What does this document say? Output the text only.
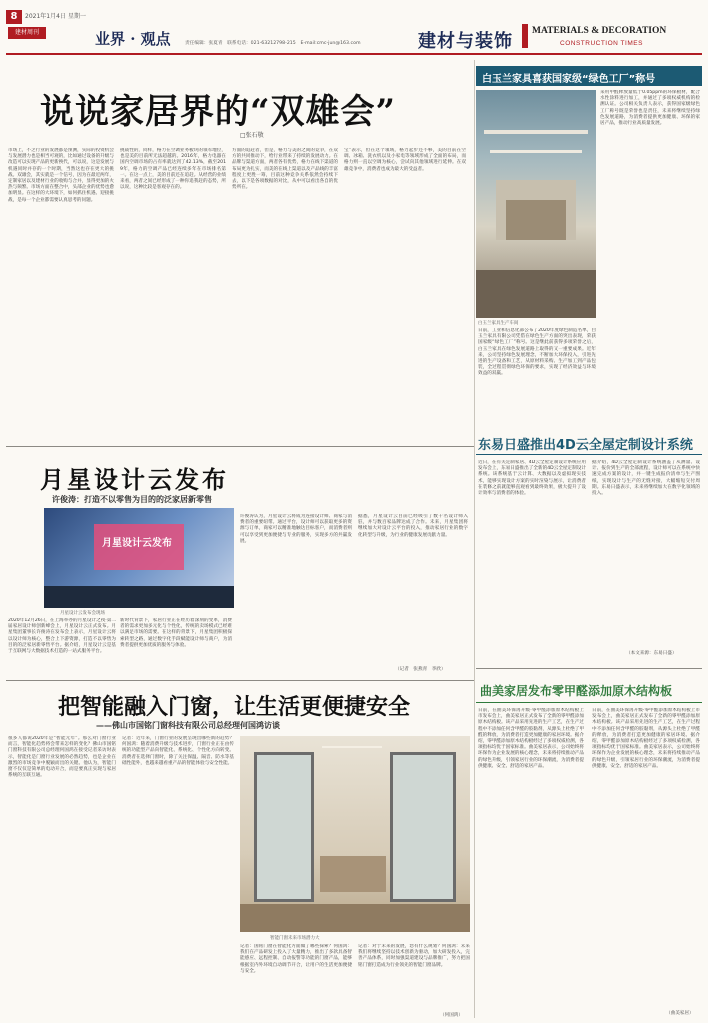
8	2021年1月4日 星期一
建材周刊	业界 · 观点	责任编辑：张夏青　联系电话：021-63212798-215　E-mail:cmc-jun@163.com	建材与装饰 MATERIALS & DECORATION
CONSTRUCTION TIMES
说说家居界的“双雄会”
□张石敬
市场上，不乏行业的发展都是预测，实际的投资机会与发展潜力也是相当可观的，比如通过设备的升级与改造可以实现产品的更新换代，可以说，这是发展与机遇同时并存的一个时期，当然这也存在更大的挑战。双雄会，其实就是一个信号，因为在最近两年，定制家居以及建材行业的收购与合并，显得更加的火热与频繁。市场方面在整合中，头部企业的优势也愈加明显。在这样的大环境下，如何抓住机遇、迎接挑战，是每一个企业都需要认真思考的问题。
挑战性的，同样，格力在空调业务板块的领军地位，也是美的目前所无法超越的。2016年，格力电器在国内空调市场的占有率就达到了42.13%，截至2019年，格力的空调产品已经连续多年在市场排名第一。在这一点上，美的目前还在追赶。从经营的业绩来看，两者之间已经形成了一种你追我赶的态势，所以说，这种比较是客观存在的。
方面的追赶者，但是，格力与美的之间的竞争，在双方的共同推动下，给行业带来了持续的发展动力。在品牌与渠道方面，两者各有优势，格力在线下渠道的布局更为扎实，而美的在线上渠道以及产品线的丰富程度上更胜一筹，目前这种竞争关系依然会持续下去，以下是各项数据的对比，从中可以看出各自的优势所在。
宝”表示，但在这个领域，格力起步还不够，美的目前在空调、冰箱、洗衣机以及小家电等领域形成了全面的布局，而格力则一直以空调为核心，尝试向其他领域进行延伸。在双雄竞争中，消费者也成为最大的受益者。
白玉兰家具喜获国家级“绿色工厂”称号
白玉兰家具生产车间
日前，工业和信息化部公布了2020年度绿色制造名单，白玉兰家具有限公司凭借在绿色生产方面的突出表现，荣获国家级“绿色工厂”称号。这是继此前获得多项荣誉之后，白玉兰家具在绿色发展道路上取得的又一重要成果。近年来，公司坚持绿色发展理念，不断加大环保投入，引进先进的生产设备和工艺，从原材料采购、生产加工到产品包装，全过程贯彻绿色环保的要求，实现了经济效益与环境效益的双赢。
采用甲醛释放量低于0.05ppm的环保板材，配合水性涂料进行加工，并通过了多项权威机构的检测认证。公司相关负责人表示，获得国家级绿色工厂称号既是荣誉也是责任，未来将继续坚持绿色发展道路，为消费者提供更加健康、环保的家居产品，推动行业高质量发展。
东易日盛推出4D云全屋定制设计系统
近日，在有关定制家居、4D云全屋定制设计系统应用发布会上，东易日盛推出了全新的4D云全屋定制设计系统。该系统基于云计算、大数据以及虚拟现实技术，能够实现设计方案的实时渲染与展示，让消费者在装修之前就能够直观看到最终效果，极大提升了设计效率与消费者的体验。
据介绍，4D云全屋定制设计系统涵盖了从测量、设计、报价到生产的全部流程，设计师可以在系统中快速完成方案的设计，并一键生成报价清单与生产图纸，实现设计与生产的无缝对接，大幅缩短交付周期。东易日盛表示，未来将继续加大在数字化领域的投入。
（本文来源：东易日盛）
月星设计云发布
许俊涛：打造不以零售为目的的泛家居新零售
月星设计云发布
月星设计云发布会现场
2020年12月26日，在上海举办的月星设计之夜·第二届家居设计师创新峰会上，月星设计云正式发布。月星集团董事长许俊涛在发布会上表示，月星设计云将以设计师为核心，整合上下游资源，打造不以零售为目的的泛家居新零售平台。据介绍，月星设计云是基于互联网与大数据技术打造的一站式服务平台。
新时代背景下，家居行业正在经历着深刻的变革，消费者的需求更加多元化与个性化，传统的卖场模式已经难以满足市场的需要。在这样的背景下，月星集团积极探索转型之路，通过数字化手段赋能设计师与商户，为消费者提供更加优质的服务与体验。
许俊涛认为，月星设计云将成为连接设计师、商家与消费者的重要纽带。通过平台，设计师可以获取更多的资源与订单，商家可以精准地触达目标客户，而消费者则可以享受到更加便捷与专业的服务，实现多方的共赢发展。
据悉，月星设计云目前已经吸引了数千名设计师入驻，并与数百家品牌达成了合作。未来，月星集团将继续加大对设计云平台的投入，推动家居行业的数字化转型与升级，为行业的健康发展贡献力量。
（记者　张燕青　李欣）
把智能融入门窗，让生活更便捷安全
——佛山市国铭门窗科技有限公司总经理何国鸿访谈
很多人都说2020年是“智能元年”。那么对门窗行业而言，智能化趋势将会带来怎样的变化？佛山市国铭门窗科技有限公司总经理何国鸿在接受记者采访时表示，智能化是门窗行业发展的必然趋势，也是企业在激烈的市场竞争中脱颖而出的关键。他认为，智能门窗不仅仅是简单的电动开合，而是要真正实现与家居系统的互联互通。
记者：近年来，门窗行业的发展呈现出哪些新的趋势？何国鸿：随着消费升级与技术进步，门窗行业正在由传统的功能型产品向智能化、系统化、个性化方向转变。消费者在选择门窗时，除了关注保温、隔音、防水等基础性能外，也越来越看重产品的智能体验与安全性能。
智能门窗未来市场潜力大
记者：国铭门窗在智能化方面做了哪些探索？何国鸿：我们在产品研发上投入了大量精力，推出了多款具备智能感应、远程控制、自动报警等功能的门窗产品，能够根据室内外环境自动调节开合，让用户的生活更加便捷与安全。
记者：对于未来的发展，您有什么规划？何国鸿：未来我们将继续坚持以技术创新为驱动，加大研发投入，完善产品体系，同时加强渠道建设与品牌推广，努力把国铭门窗打造成为行业领先的智能门窗品牌。
（何国鸿）
曲美家居发布零甲醛添加原木结构板
日前，在曲美环保再升级·零甲醛添加原木结构板上市发布会上，曲美家居正式发布了全新的零甲醛添加原木结构板。该产品采用先进的生产工艺，在生产过程中不添加任何含甲醛的胶黏剂，从源头上杜绝了甲醛的释放，为消费者打造更加健康的家居环境。据介绍，零甲醛添加原木结构板经过了多项权威检测，各项指标均优于国家标准。曲美家居表示，公司始终将环保作为企业发展的核心理念，未来将持续推动产品的绿色升级，引领家居行业的环保潮流，为消费者提供健康、安全、舒适的家居产品。
日前，在曲美环保再升级·零甲醛添加原木结构板上市发布会上，曲美家居正式发布了全新的零甲醛添加原木结构板。该产品采用先进的生产工艺，在生产过程中不添加任何含甲醛的胶黏剂，从源头上杜绝了甲醛的释放，为消费者打造更加健康的家居环境。据介绍，零甲醛添加原木结构板经过了多项权威检测，各项指标均优于国家标准。曲美家居表示，公司始终将环保作为企业发展的核心理念，未来将持续推动产品的绿色升级，引领家居行业的环保潮流，为消费者提供健康、安全、舒适的家居产品。
（曲美家居）
